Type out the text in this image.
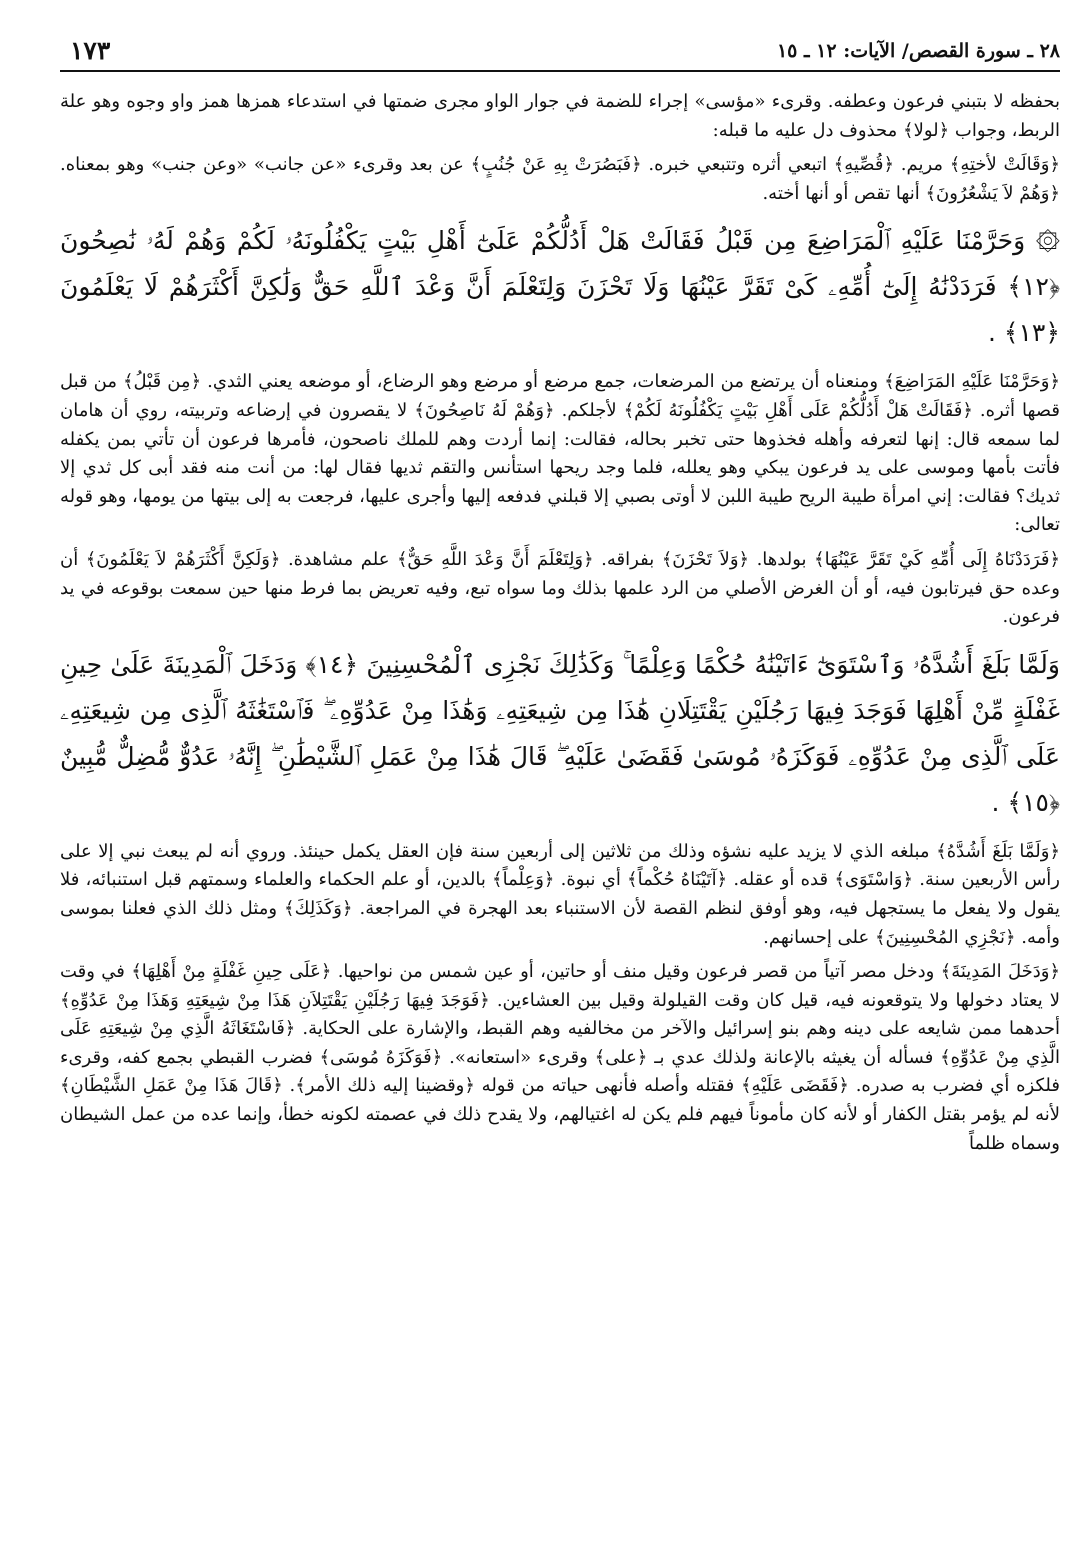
٢٨ ـ سورة القصص/ الآيات: ١٢ ـ ١٥
١٧٣

بحفظه لا بتبني فرعون وعطفه. وقرىء «مؤسى» إجراء للضمة في جوار الواو مجرى ضمتها في استدعاء همزها همز واو وجوه وهو علة الربط، وجواب ﴿لولا﴾ محذوف دل عليه ما قبله:

﴿وَقَالَتْ لأختِهِ﴾ مريم. ﴿قُصِّيهِ﴾ اتبعي أثره وتتبعي خبره. ﴿فَبَصُرَتْ بِهِ عَنْ جُنُبٍ﴾ عن بعد وقرىء «عن جانب» «وعن جنب» وهو بمعناه. ﴿وَهُمْ لاَ يَشْعُرُونَ﴾ أنها تقص أو أنها أخته.

۞ وَحَرَّمْنَا عَلَيْهِ ٱلْمَرَاضِعَ مِن قَبْلُ فَقَالَتْ هَلْ أَدُلُّكُمْ عَلَىٰٓ أَهْلِ بَيْتٍ يَكْفُلُونَهُۥ لَكُمْ وَهُمْ لَهُۥ نَٰصِحُونَ ﴿١٢﴾ فَرَدَدْنَٰهُ إِلَىٰٓ أُمِّهِۦ كَىْ تَقَرَّ عَيْنُهَا وَلَا تَحْزَنَ وَلِتَعْلَمَ أَنَّ وَعْدَ ٱللَّهِ حَقٌّ وَلَٰكِنَّ أَكْثَرَهُمْ لَا يَعْلَمُونَ ﴿١٣﴾ .

﴿وَحَرَّمْنَا عَلَيْهِ المَرَاضِعَ﴾ ومنعناه أن يرتضع من المرضعات، جمع مرضع أو مرضع وهو الرضاع، أو موضعه يعني الثدي. ﴿مِن قَبْلُ﴾ من قبل قصها أثره. ﴿فَقَالَتْ هَلْ أَدُلُّكُمْ عَلَى أَهْلِ بَيْتٍ يَكْفُلُونَهُ لَكُمْ﴾ لأجلكم. ﴿وَهُمْ لَهُ نَاصِحُونَ﴾ لا يقصرون في إرضاعه وتربيته، روي أن هامان لما سمعه قال: إنها لتعرفه وأهله فخذوها حتى تخبر بحاله، فقالت: إنما أردت وهم للملك ناصحون، فأمرها فرعون أن تأتي بمن يكفله فأتت بأمها وموسى على يد فرعون يبكي وهو يعلله، فلما وجد ريحها استأنس والتقم ثديها فقال لها: من أنت منه فقد أبى كل ثدي إلا ثديك؟ فقالت: إني امرأة طيبة الريح طيبة اللبن لا أوتى بصبي إلا قبلني فدفعه إليها وأجرى عليها، فرجعت به إلى بيتها من يومها، وهو قوله تعالى:

﴿فَرَدَدْنَاهُ إِلَى أُمِّهِ كَيْ تَقَرَّ عَيْنُهَا﴾ بولدها. ﴿وَلاَ تَحْزَنَ﴾ بفراقه. ﴿وَلِتَعْلَمَ أَنَّ وَعْدَ اللَّهِ حَقٌّ﴾ علم مشاهدة. ﴿وَلَكِنَّ أَكْثَرَهُمْ لاَ يَعْلَمُونَ﴾ أن وعده حق فيرتابون فيه، أو أن الغرض الأصلي من الرد علمها بذلك وما سواه تبع، وفيه تعريض بما فرط منها حين سمعت بوقوعه في يد فرعون.

وَلَمَّا بَلَغَ أَشُدَّهُۥ وَٱسْتَوَىٰٓ ءَاتَيْنَٰهُ حُكْمًا وَعِلْمًا ۚ وَكَذَٰلِكَ نَجْزِى ٱلْمُحْسِنِينَ ﴿١٤﴾ وَدَخَلَ ٱلْمَدِينَةَ عَلَىٰ حِينِ غَفْلَةٍ مِّنْ أَهْلِهَا فَوَجَدَ فِيهَا رَجُلَيْنِ يَقْتَتِلَانِ هَٰذَا مِن شِيعَتِهِۦ وَهَٰذَا مِنْ عَدُوِّهِۦ ۖ فَٱسْتَغَٰثَهُ ٱلَّذِى مِن شِيعَتِهِۦ عَلَى ٱلَّذِى مِنْ عَدُوِّهِۦ فَوَكَزَهُۥ مُوسَىٰ فَقَضَىٰ عَلَيْهِ ۖ قَالَ هَٰذَا مِنْ عَمَلِ ٱلشَّيْطَٰنِ ۖ إِنَّهُۥ عَدُوٌّ مُّضِلٌّ مُّبِينٌ ﴿١٥﴾ .

﴿وَلَمَّا بَلَغَ أَشُدَّهُ﴾ مبلغه الذي لا يزيد عليه نشؤه وذلك من ثلاثين إلى أربعين سنة فإن العقل يكمل حينئذ. وروي أنه لم يبعث نبي إلا على رأس الأربعين سنة. ﴿وَاسْتَوَى﴾ قده أو عقله. ﴿آتَيْنَاهُ حُكْماً﴾ أي نبوة. ﴿وَعِلْماً﴾ بالدين، أو علم الحكماء والعلماء وسمتهم قبل استنبائه، فلا يقول ولا يفعل ما يستجهل فيه، وهو أوفق لنظم القصة لأن الاستنباء بعد الهجرة في المراجعة. ﴿وَكَذَلِكَ﴾ ومثل ذلك الذي فعلنا بموسى وأمه. ﴿نَجْزِي المُحْسِنِينَ﴾ على إحسانهم.

﴿وَدَخَلَ المَدِينَةَ﴾ ودخل مصر آتياً من قصر فرعون وقيل منف أو حاتين، أو عين شمس من نواحيها. ﴿عَلَى حِينِ غَفْلَةٍ مِنْ أَهْلِهَا﴾ في وقت لا يعتاد دخولها ولا يتوقعونه فيه، قيل كان وقت القيلولة وقيل بين العشاءين. ﴿فَوَجَدَ فِيهَا رَجُلَيْنِ يَقْتَتِلاَنِ هَذَا مِنْ شِيعَتِهِ وَهَذَا مِنْ عَدُوِّهِ﴾ أحدهما ممن شايعه على دينه وهم بنو إسرائيل والآخر من مخالفيه وهم القبط، والإشارة على الحكاية. ﴿فَاسْتَغَاثَهُ الَّذِي مِنْ شِيعَتِهِ عَلَى الَّذِي مِنْ عَدُوِّهِ﴾ فسأله أن يغيثه بالإعانة ولذلك عدي بـ ﴿على﴾ وقرىء «استعانه». ﴿فَوَكَزَهُ مُوسَى﴾ فضرب القبطي بجمع كفه، وقرىء فلكزه أي فضرب به صدره. ﴿فَقَضَى عَلَيْهِ﴾ فقتله وأصله فأنهى حياته من قوله ﴿وقضينا إليه ذلك الأمر﴾. ﴿قَالَ هَذَا مِنْ عَمَلِ الشَّيْطَانِ﴾ لأنه لم يؤمر بقتل الكفار أو لأنه كان مأموناً فيهم فلم يكن له اغتيالهم، ولا يقدح ذلك في عصمته لكونه خطأ، وإنما عده من عمل الشيطان وسماه ظلماً
